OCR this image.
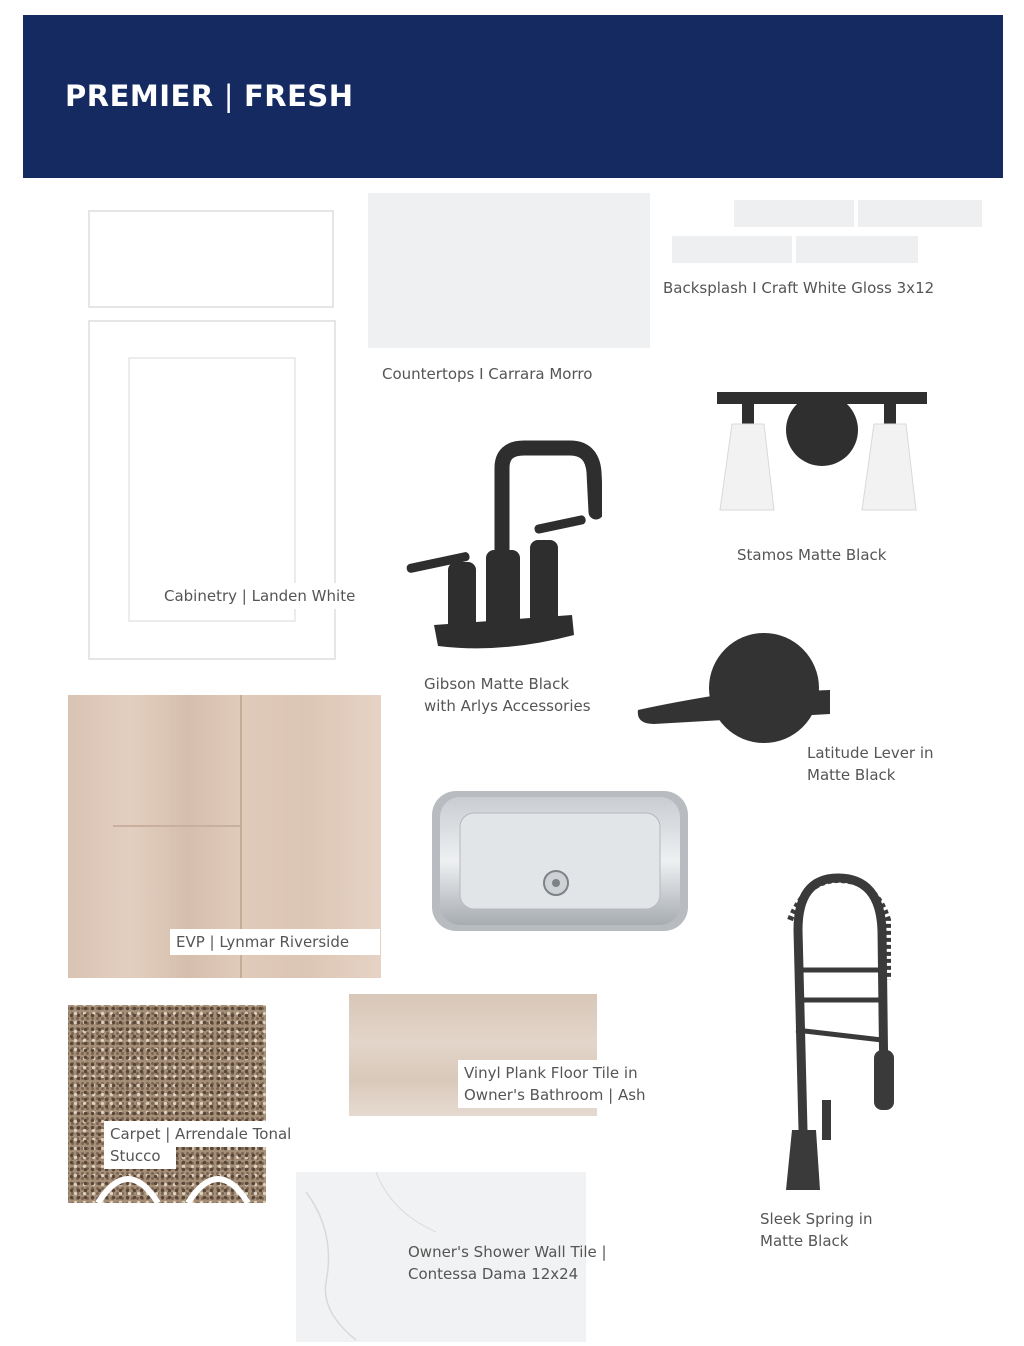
PREMIER | FRESH
Cabinetry | Landen White
Countertops I Carrara Morro
Backsplash I Craft White Gloss 3x12
Stamos Matte Black
Gibson Matte Black
with Arlys Accessories
Latitude Lever in
Matte Black
EVP | Lynmar Riverside
Sleek Spring in
Matte Black
Carpet | Arrendale Tonal
Stucco
Vinyl Plank Floor Tile in
Owner's Bathroom | Ash
Owner's Shower Wall Tile |
Contessa Dama 12x24
